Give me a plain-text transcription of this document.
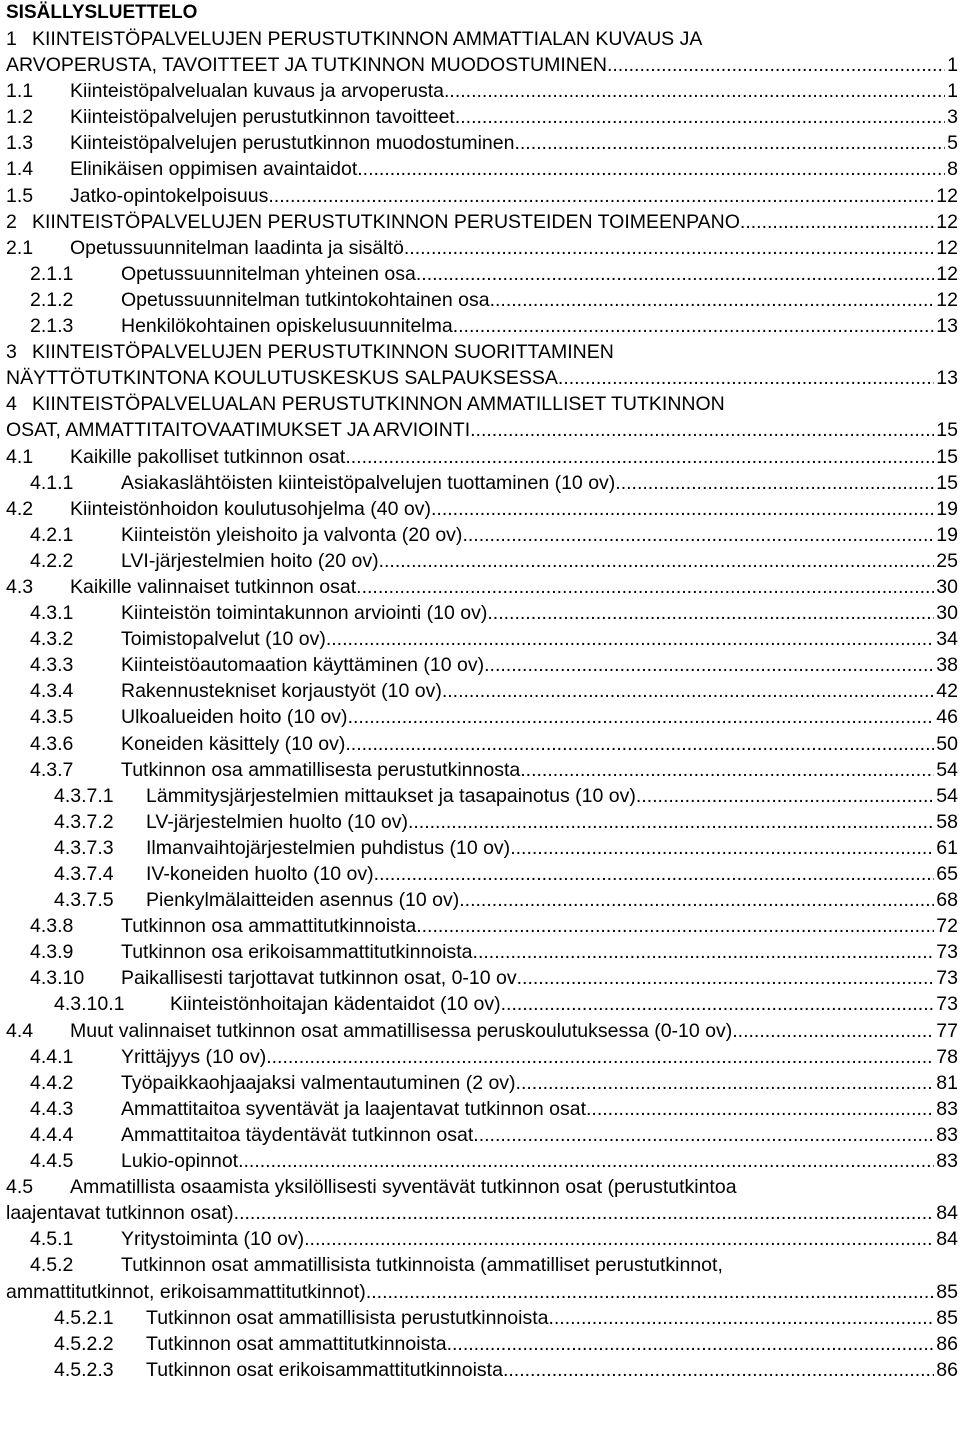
SISÄLLYSLUETTELO
1 KIINTEISTÖPALVELUJEN PERUSTUTKINNON AMMATTIALAN KUVAUS JA
ARVOPERUSTA, TAVOITTEET JA TUTKINNON MUODOSTUMINEN .....	1
1.1	Kiinteistöpalvelualan kuvaus ja arvoperusta .....	1
1.2	Kiinteistöpalvelujen perustutkinnon tavoitteet .....	3
1.3	Kiinteistöpalvelujen perustutkinnon muodostuminen .....	5
1.4	Elinikäisen oppimisen avaintaidot .....	8
1.5	Jatko-opintokelpoisuus .....	12
2 KIINTEISTÖPALVELUJEN PERUSTUTKINNON PERUSTEIDEN TOIMEENPANO .....	12
2.1	Opetussuunnitelman laadinta ja sisältö .....	12
2.1.1	Opetussuunnitelman yhteinen osa .....	12
2.1.2	Opetussuunnitelman tutkintokohtainen osa .....	12
2.1.3	Henkilökohtainen opiskelusuunnitelma .....	13
3 KIINTEISTÖPALVELUJEN PERUSTUTKINNON SUORITTAMINEN
NÄYTTÖTUTKINTONA KOULUTUSKESKUS SALPAUKSESSA .....	13
4 KIINTEISTÖPALVELUALAN PERUSTUTKINNON AMMATILLISET TUTKINNON
OSAT, AMMATTITAITOVAATIMUKSET JA ARVIOINTI .....	15
4.1	Kaikille pakolliset tutkinnon osat .....	15
4.1.1	Asiakaslähtöisten kiinteistöpalvelujen tuottaminen (10 ov) .....	15
4.2	Kiinteistönhoidon koulutusohjelma (40 ov) .....	19
4.2.1	Kiinteistön yleishoito ja valvonta (20 ov) .....	19
4.2.2	LVI-järjestelmien hoito (20 ov) .....	25
4.3	Kaikille valinnaiset tutkinnon osat .....	30
4.3.1	Kiinteistön toimintakunnon arviointi (10 ov) .....	30
4.3.2	Toimistopalvelut (10 ov) .....	34
4.3.3	Kiinteistöautomaation käyttäminen (10 ov) .....	38
4.3.4	Rakennustekniset korjaustyöt (10 ov) .....	42
4.3.5	Ulkoalueiden hoito (10 ov) .....	46
4.3.6	Koneiden käsittely (10 ov) .....	50
4.3.7	Tutkinnon osa ammatillisesta perustutkinnosta .....	54
4.3.7.1	Lämmitysjärjestelmien mittaukset ja tasapainotus (10 ov) .....	54
4.3.7.2	LV-järjestelmien huolto (10 ov) .....	58
4.3.7.3	Ilmanvaihtojärjestelmien puhdistus (10 ov) .....	61
4.3.7.4	IV-koneiden huolto (10 ov) .....	65
4.3.7.5	Pienkylmälaitteiden asennus (10 ov) .....	68
4.3.8	Tutkinnon osa ammattitutkinnoista .....	72
4.3.9	Tutkinnon osa erikoisammattitutkinnoista .....	73
4.3.10	Paikallisesti tarjottavat tutkinnon osat, 0-10 ov .....	73
4.3.10.1	Kiinteistönhoitajan kädentaidot (10 ov) .....	73
4.4	Muut valinnaiset tutkinnon osat ammatillisessa peruskoulutuksessa (0-10 ov) .....	77
4.4.1	Yrittäjyys (10 ov) .....	78
4.4.2	Työpaikkaohjaajaksi valmentautuminen (2 ov) .....	81
4.4.3	Ammattitaitoa syventävät ja laajentavat tutkinnon osat .....	83
4.4.4	Ammattitaitoa täydentävät tutkinnon osat .....	83
4.4.5	Lukio-opinnot .....	83
4.5	Ammatillista osaamista yksilöllisesti syventävät tutkinnon osat (perustutkintoa
laajentavat tutkinnon osat) .....	84
4.5.1	Yritystoiminta (10 ov) .....	84
4.5.2	Tutkinnon osat ammatillisista tutkinnoista (ammatilliset perustutkinnot,
ammattitutkinnot, erikoisammattitutkinnot) .....	85
4.5.2.1	Tutkinnon osat ammatillisista perustutkinnoista .....	85
4.5.2.2	Tutkinnon osat ammattitutkinnoista .....	86
4.5.2.3	Tutkinnon osat erikoisammattitutkinnoista .....	86
